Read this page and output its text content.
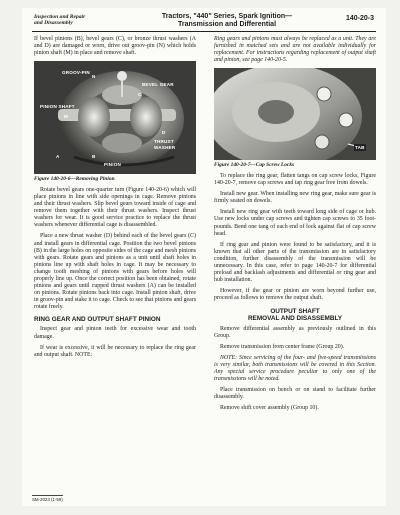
Inspection and Repair
and Disassembly
Tractors, "440" Series, Spark Ignition—
Transmission and Differential
140-20-3

If bevel pinions (B), bevel gears (C), or bronze thrust washers (A and D) are damaged or worn, drive out groov-pin (N) which holds pinion shaft (M) in place and remove shaft.

GROOV-PIN
BEVEL GEAR
PINION SHAFT
THRUST WASHER
PINION
N
C
M
D
A	B

Figure 140-20-6—Removing Pinion

Rotate bevel gears one-quarter turn (Figure 140-20-6) which will place pinions in line with side openings in cage. Remove pinions and their thrust washers. Slip bevel gears toward inside of cage and remove them together with their thrust washers. Inspect thrust washers for wear. It is good service practice to replace the thrust washers whenever differential cage is disassembled.

Place a new thrust washer (D) behind each of the bevel gears (C) and install gears in differential cage. Position the two bevel pinions (B) in the large holes on opposite sides of the cage and mesh pinions with gears. Rotate gears and pinions as a unit until shaft holes in pinions line up with shaft holes in cage. It may be necessary to change tooth meshing of pinions with gears before holes will properly line up. Once the correct position has been obtained, rotate pinions and gears until cupped thrust washers (A) can be installed on pinions. Rotate pinions back into cage. Install pinion shaft, drive in groov-pin and stake it to cage. Check to see that pinions and gears rotate freely.

RING GEAR AND OUTPUT SHAFT PINION

Inspect gear and pinion teeth for excessive wear and tooth damage.

If wear is excessive, it will be necessary to replace the ring gear and output shaft. NOTE:

Ring gears and pinions must always be replaced as a unit. They are furnished in matched sets and are not available individually for replacement. For instructions regarding replacement of output shaft and pinion, see page 140-20-5.

TAB

Figure 140-20-7—Cap Screw Locks

To replace the ring gear, flatten tangs on cap screw locks, Figure 140-20-7, remove cap screws and tap ring gear free from dowels.

Install new gear. When installing new ring gear, make sure gear is firmly seated on dowels.

Install new ring gear with teeth toward long side of cage or hub. Use new locks under cap screws and tighten cap screws to 35 foot-pounds. Bend one tang of each end of lock against flat of cap screw head.

If ring gear and pinion were found to be satisfactory, and it is known that all other parts of the transmission are in satisfactory condition, further disassembly of the transmission will be unnecessary. In this case, refer to page 140-20-7 for differential preload and backlash adjustments and differential or ring gear and hub installation.

However, if the gear or pinion are worn beyond further use, proceed as follows to remove the output shaft.

OUTPUT SHAFT
REMOVAL AND DISASSEMBLY

Remove differential assembly as previously outlined in this Group.

Remove transmission from center frame (Group 20).

NOTE: Since servicing of the four- and five-speed transmissions is very similar, both transmissions will be covered in this Section. Any special service procedure peculiar to only one of the transmissions will be noted.

Place transmission on bench or on stand to facilitate further disassembly.

Remove shift cover assembly (Group 10).

SM-2023 (1-59)
